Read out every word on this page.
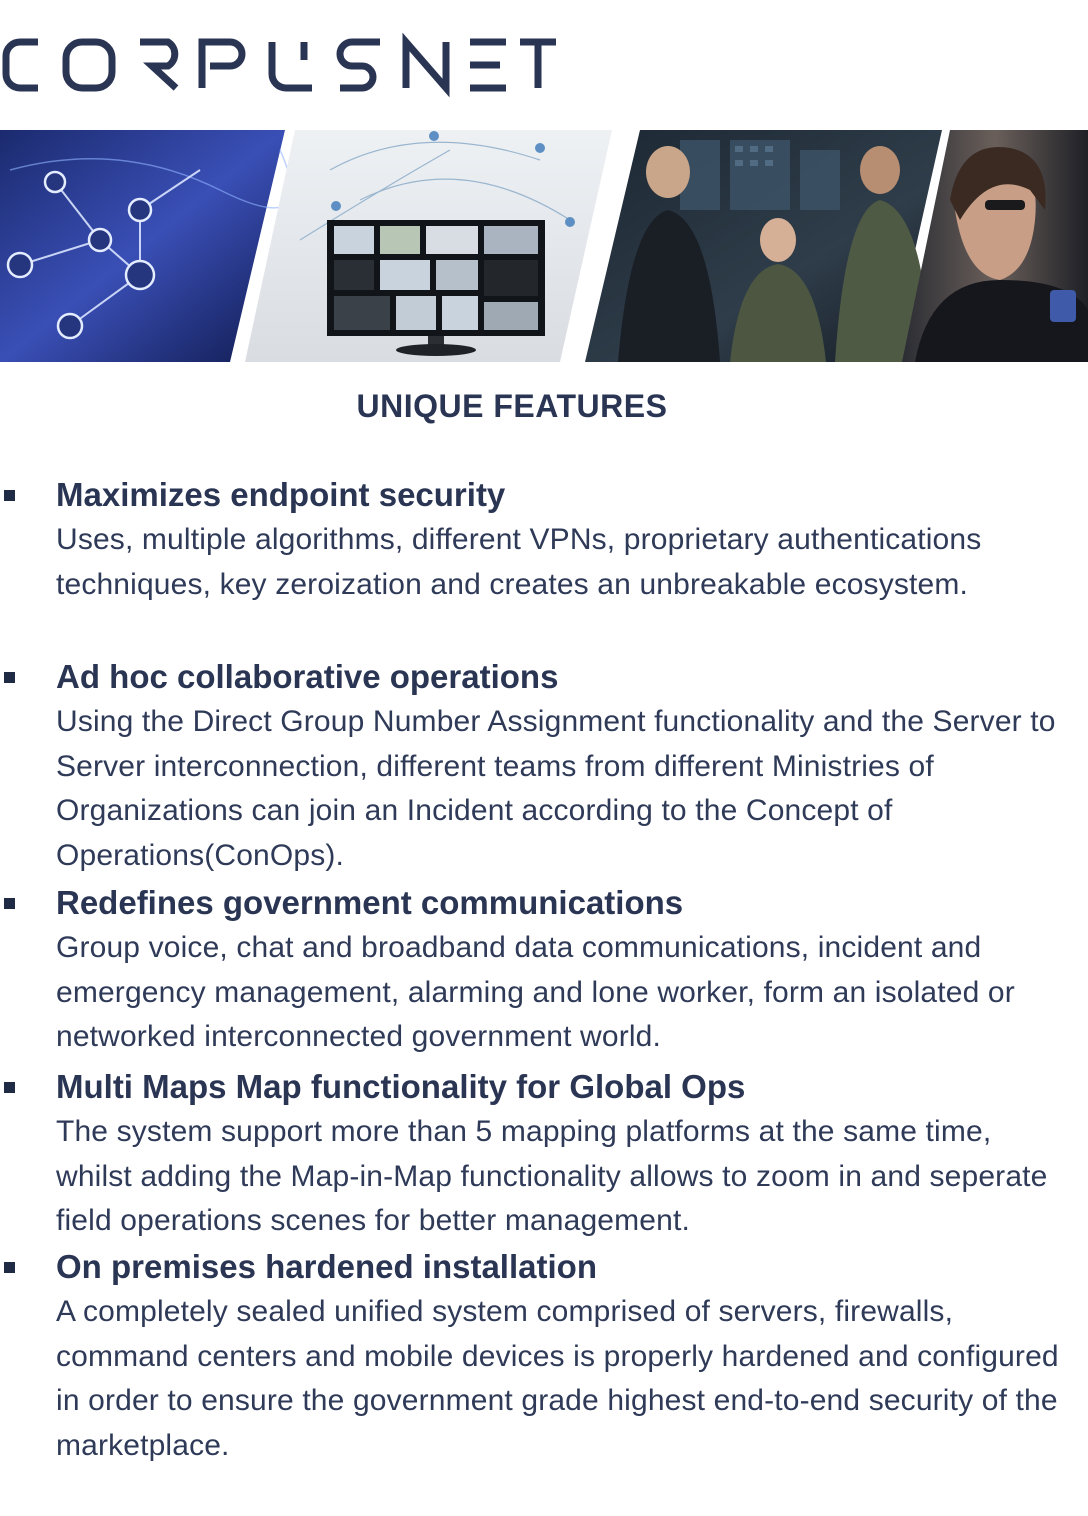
UNIQUE FEATURES
Maximizes endpoint security
Uses, multiple algorithms, different VPNs, proprietary authentications techniques, key zeroization and creates an unbreakable ecosystem.
Ad hoc collaborative operations
Using the Direct Group Number Assignment functionality and the Server to Server interconnection, different teams from different Ministries of Organizations can join an Incident according to the Concept of Operations(ConOps).
Redefines government communications
Group voice, chat and broadband data communications, incident and emergency management, alarming and lone worker, form an isolated or networked interconnected government world.
Multi Maps Map functionality for Global Ops
The system support more than 5 mapping platforms at the same time, whilst adding the Map-in-Map functionality allows to zoom in and seperate field operations scenes for better management.
On premises hardened installation
A completely sealed unified system comprised of servers, firewalls, command centers and mobile devices is properly hardened and configured in order to ensure the government grade highest end-to-end security of the marketplace.
